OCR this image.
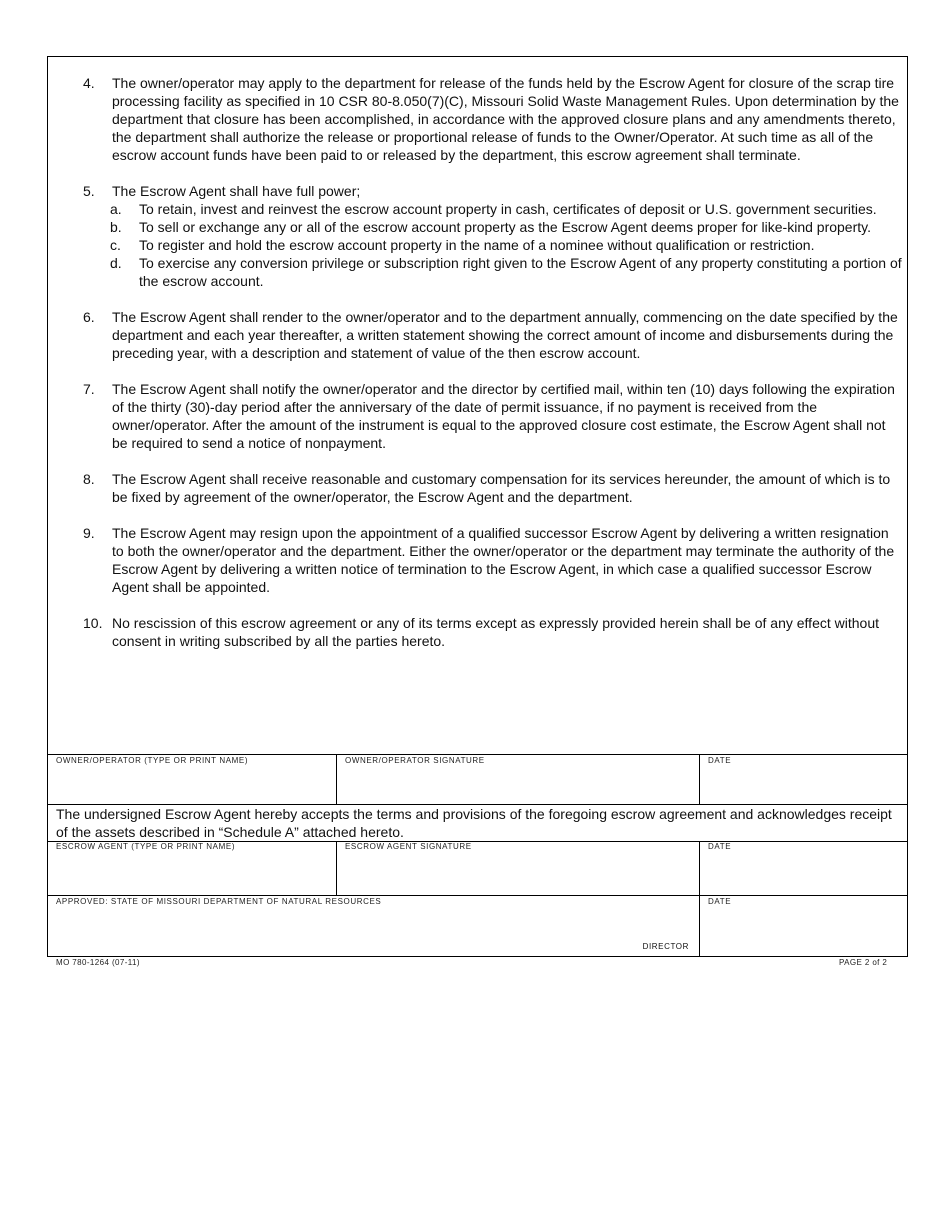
4.	The owner/operator may apply to the department for release of the funds held by the Escrow Agent for closure of the scrap tire processing facility as specified in 10 CSR 80-8.050(7)(C), Missouri Solid Waste Management Rules. Upon determination by the department that closure has been accomplished, in accordance with the approved closure plans and any amendments thereto, the department shall authorize the release or proportional release of funds to the Owner/Operator. At such time as all of the escrow account funds have been paid to or released by the department, this escrow agreement shall terminate.
5.	The Escrow Agent shall have full power;
a.	To retain, invest and reinvest the escrow account property in cash, certificates of deposit or U.S. government securities.
b.	To sell or exchange any or all of the escrow account property as the Escrow Agent deems proper for like-kind property.
c.	To register and hold the escrow account property in the name of a nominee without qualification or restriction.
d.	To exercise any conversion privilege or subscription right given to the Escrow Agent of any property constituting a portion of the escrow account.
6.	The Escrow Agent shall render to the owner/operator and to the department annually, commencing on the date specified by the department and each year thereafter, a written statement showing the correct amount of income and disbursements during the preceding year, with a description and statement of value of the then escrow account.
7.	The Escrow Agent shall notify the owner/operator and the director by certified mail, within ten (10) days following the expiration of the thirty (30)-day period after the anniversary of the date of permit issuance, if no payment is received from the owner/operator. After the amount of the instrument is equal to the approved closure cost estimate, the Escrow Agent shall not be required to send a notice of nonpayment.
8.	The Escrow Agent shall receive reasonable and customary compensation for its services hereunder, the amount of which is to be fixed by agreement of the owner/operator, the Escrow Agent and the department.
9.	The Escrow Agent may resign upon the appointment of a qualified successor Escrow Agent by delivering a written resignation to both the owner/operator and the department. Either the owner/operator or the department may terminate the authority of the Escrow Agent by delivering a written notice of termination to the Escrow Agent, in which case a qualified successor Escrow Agent shall be appointed.
10. No rescission of this escrow agreement or any of its terms except as expressly provided herein shall be of any effect without consent in writing subscribed by all the parties hereto.
OWNER/OPERATOR (TYPE OR PRINT NAME)	OWNER/OPERATOR SIGNATURE	DATE
The undersigned Escrow Agent hereby accepts the terms and provisions of the foregoing escrow agreement and acknowledges receipt of the assets described in “Schedule A” attached hereto.
ESCROW AGENT (TYPE OR PRINT NAME)	ESCROW AGENT SIGNATURE	DATE
APPROVED: STATE OF MISSOURI DEPARTMENT OF NATURAL RESOURCES
DIRECTOR
DATE
MO 780-1264 (07-11)	PAGE 2 of 2
